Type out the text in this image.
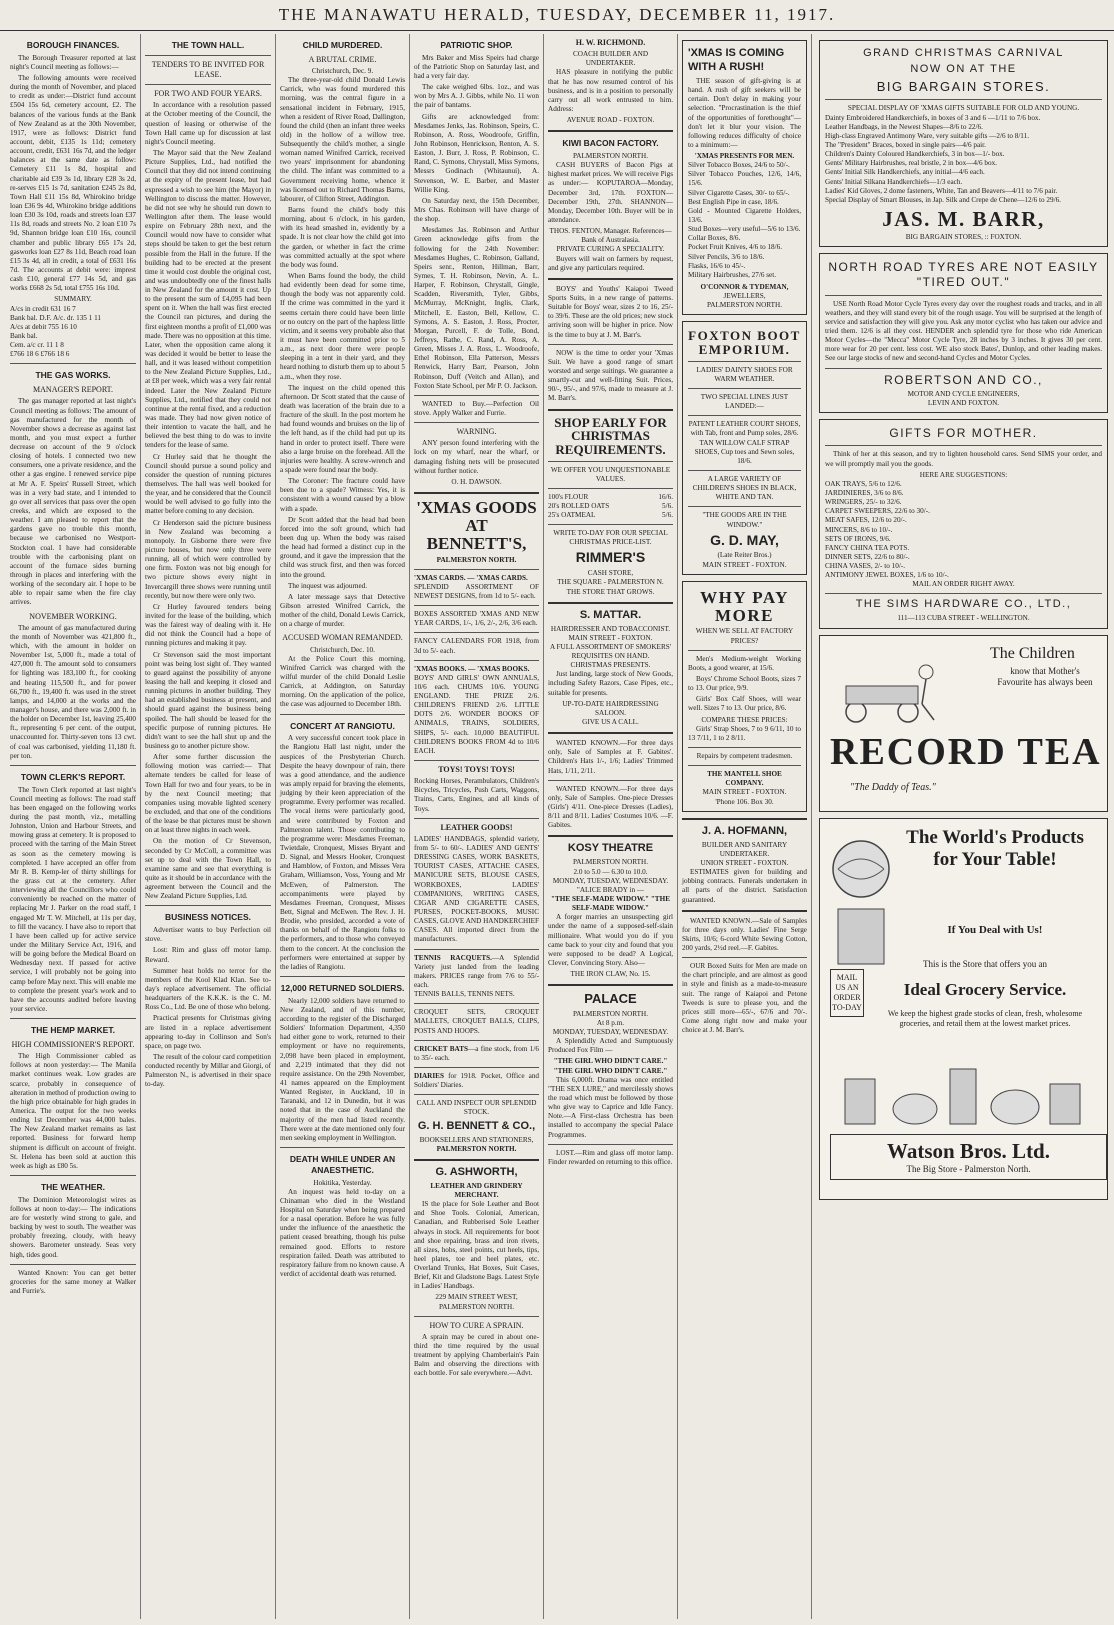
THE MANAWATU HERALD, TUESDAY, DECEMBER 11, 1917.
BOROUGH FINANCES.
The Borough Treasurer reported at last night's Council meeting as follows:—
The following amounts were received during the month of November, and placed to credit as under:—District fund account £504 15s 6d, cemetery account, £2. The balances of the various funds at the Bank of New Zealand as at the 30th November, 1917, were as follows: District fund account, debit, £135 1s 11d; cemetery account, credit, £631 16s 7d, and the ledger balances at the same date as follow: Cemetery £11 1s 8d, hospital and charitable aid £39 3s 1d, library £28 3s 2d, re-serves £15 1s 7d, sanitation £245 2s 8d, Town Hall £11 15s 8d, Whirokino bridge loan £36 9s 4d, Whirokino bridge additions loan £30 3s 10d, roads and streets loan £37 11s 8d, roads and streets No. 2 loan £10 7s 9d, Shannon bridge loan £10 16s, council chamber and public library £65 17s 2d, gasworks loan £27 8s 11d, Beach road loan £15 3s 4d, all in credit, a total of £631 16s 7d. The accounts at debit were: imprest cash £10, general £77 14s 5d, and gas works £668 2s 5d, total £755 16s 10d.
SUMMARY.
A/cs in credit 631 16 7
Bank bal. D.F. A/c. dr. 135 1 11
A/cs at debit 755 16 10
Bank bal.
Cem. a/c cr. 11 1 8
£766 18 6 £766 18 6
THE GAS WORKS.
MANAGER'S REPORT.
The gas manager reported at last night's Council meeting as follows: The amount of gas manufactured for the month of November shows a decrease as against last month, and you must expect a further decrease on account of the 9 o'clock closing of hotels. I connected two new consumers, one a private residence, and the other a gas engine. I renewed service pipe at Mr A. F. Speirs' Russell Street, which was in a very bad state, and I intended to go over all services that pass over the open creeks, and which are exposed to the weather. I am pleased to report that the gardens gave no trouble this month, because we carbonised no Westport-Stockton coal. I have had considerable trouble with the carbonising plant on account of the furnace sides burning through in places and interfering with the working of the secondary air. I hope to be able to repair same when the fire clay arrives.
NOVEMBER WORKING.
The amount of gas manufactured during the month of November was 421,800 ft., which, with the amount in holder on November 1st, 5,000 ft., made a total of 427,000 ft. The amount sold to consumers for lighting was 183,100 ft., for cooking and heating 115,500 ft., and for power 66,700 ft., 19,400 ft. was used in the street lamps, and 14,000 at the works and the manager's house, and there was 2,000 ft. in the holder on December 1st, leaving 25,400 ft., representing 6 per cent. of the output, unaccounted for. Thirty-seven tons 13 cwt. of coal was carbonised, yielding 11,180 ft. per ton.
TOWN CLERK'S REPORT.
The Town Clerk reported at last night's Council meeting as follows: The road staff has been engaged on the following works during the past month, viz., metalling Johnston, Union and Harbour Streets, and mowing grass at cemetery. It is proposed to proceed with the tarring of the Main Street as soon as the cemetery mowing is completed. I have accepted an offer from Mr R. B. Kemp-ler of thirty shillings for the grass cut at the cemetery. After interviewing all the Councillors who could conveniently be reached on the matter of replacing Mr J. Parker on the road staff, I engaged Mr T. W. Mitchell, at 11s per day, to fill the vacancy. I have also to report that I have been called up for active service under the Military Service Act, 1916, and will be going before the Medical Board on Wednesday next. If passed for active service, I will probably not be going into camp before May next. This will enable me to complete the present year's work and to have the accounts audited before leaving your service.
THE HEMP MARKET.
HIGH COMMISSIONER'S REPORT.
The High Commissioner cabled as follows at noon yesterday:— The Manila market continues weak. Low grades are scarce, probably in consequence of alteration in method of production owing to the high price obtainable for high grades in America. The output for the two weeks ending 1st December was 44,000 bales. The New Zealand market remains as last reported. Business for forward hemp shipment is difficult on account of freight. St. Helena has been sold at auction this week as high as £80 5s.
THE WEATHER.
The Dominion Meteorologist wires as follows at noon to-day:— The indications are for westerly wind strong to gale, and backing by west to south. The weather was probably freezing, cloudy, with heavy showers. Barometer unsteady. Seas very high, tides good.
Wanted Known: You can get better groceries for the same money at Walker and Furrie's.
THE TOWN HALL.
TENDERS TO BE INVITED FOR LEASE.
FOR TWO AND FOUR YEARS.
In accordance with a resolution passed at the October meeting of the Council, the question of leasing or otherwise of the Town Hall came up for discussion at last night's Council meeting.
The Mayor said that the New Zealand Picture Supplies, Ltd., had notified the Council that they did not intend continuing at the expiry of the present lease, but had expressed a wish to see him (the Mayor) in Wellington to discuss the matter. However, he did not see why he should run down to Wellington after them. The lease would expire on February 28th next, and the Council would now have to consider what steps should be taken to get the best return possible from the Hall in the future. If the building had to be erected at the present time it would cost double the original cost, and was undoubtedly one of the finest halls in New Zealand for the amount it cost. Up to the present the sum of £4,095 had been spent on it. When the hall was first erected the Council ran pictures, and during the first eighteen months a profit of £1,000 was made. There was no opposition at this time. Later, when the opposition came along it was decided it would be better to lease the hall, and it was leased without competition to the New Zealand Picture Supplies, Ltd., at £8 per week, which was a very fair rental indeed. Later the New Zealand Picture Supplies, Ltd., notified that they could not continue at the rental fixed, and a reduction was made. They had now given notice of their intention to vacate the hall, and he believed the best thing to do was to invite tenders for the lease of same.
Cr Hurley said that he thought the Council should pursue a sound policy and consider the question of running pictures themselves. The hall was well booked for the year, and he considered that the Council would be well advised to go fully into the matter before coming to any decision.
Cr Henderson said the picture business in New Zealand was becoming a monopoly. In Gisborne there were five picture houses, but now only three were running, all of which were controlled by one firm. Foxton was not big enough for two picture shows every night in Invercargill three shows were running until recently, but now there were only two.
Cr Hurley favoured tenders being invited for the lease of the building, which was the fairest way of dealing with it. He did not think the Council had a hope of running pictures and making it pay.
Cr Stevenson said the most important point was being lost sight of. They wanted to guard against the possibility of anyone leasing the hall and keeping it closed and running pictures in another building. They had an established business at present, and should guard against the business being spoiled. The hall should be leased for the specific purpose of running pictures. He didn't want to see the hall shut up and the business go to another picture show.
After some further discussion the following motion was carried:— That alternate tenders be called for lease of Town Hall for two and four years, to be in by the next Council meeting; that companies using movable lighted scenery be excluded, and that one of the conditions of the lease be that pictures must be shown on at least three nights in each week.
On the motion of Cr Stevenson, seconded by Cr McColl, a committee was set up to deal with the Town Hall, to examine same and see that everything is quite as it should be in accordance with the agreement between the Council and the New Zealand Picture Supplies, Ltd.
BUSINESS NOTICES.
Advertiser wants to buy Perfection oil stove.
Lost: Rim and glass off motor lamp. Reward.
Summer heat holds no terror for the members of the Kool Klad Klan. See to-day's replace advertisement. The official headquarters of the K.K.K. is the C. M. Ross Co., Ltd. Be one of those who belong.
Practical presents for Christmas giving are listed in a replace advertisement appearing to-day in Collinson and Son's space, on page two.
The result of the colour card competition conducted recently by Millar and Giorgi, of Palmerston N., is advertised in their space to-day.
CHILD MURDERED.
A BRUTAL CRIME.
Christchurch, Dec. 9.
The three-year-old child Donald Lewis Carrick, who was found murdered this morning, was the central figure in a sensational incident in February, 1915, when a resident of River Road, Dallington, found the child (then an infant three weeks old) in the hollow of a willow tree. Subsequently the child's mother, a single woman named Winifred Carrick, received two years' imprisonment for abandoning the child. The infant was committed to a Government receiving home, whence it was licensed out to Richard Thomas Barns, labourer, of Clifton Street, Addington.
Barns found the child's body this morning, about 6 o'clock, in his garden, with its head smashed in, evidently by a spade. It is not clear how the child got into the garden, or whether in fact the crime was committed actually at the spot where the body was found.
When Barns found the body, the child had evidently been dead for some time, though the body was not apparently cold. If the crime was committed in the yard it seems certain there could have been little or no outcry on the part of the hapless little victim, and it seems very probable also that it must have been committed prior to 5 a.m., as next door there were people sleeping in a tent in their yard, and they heard nothing to disturb them up to about 5 a.m., when they rose.
The inquest on the child opened this afternoon. Dr Scott stated that the cause of death was laceration of the brain due to a fracture of the skull. In the post mortem he had found wounds and bruises on the lip of the left hand, as if the child had put up its hand in order to protect itself. There were also a large bruise on the forehead. All the injuries were healthy. A screw-wrench and a spade were found near the body.
The Coroner: The fracture could have been due to a spade? Witness: Yes, it is consistent with a wound caused by a blow with a spade.
Dr Scott added that the head had been forced into the soft ground, which had been dug up. When the body was raised the head had formed a distinct cup in the ground, and it gave the impression that the child was struck first, and then was forced into the ground.
The inquest was adjourned.
A later message says that Detective Gibson arrested Winifred Carrick, the mother of the child, Donald Lewis Carrick, on a charge of murder.
ACCUSED WOMAN REMANDED.
Christchurch, Dec. 10.
At the Police Court this morning, Winifred Carrick was charged with the wilful murder of the child Donald Leslie Carrick, at Addington, on Saturday morning. On the application of the police, the case was adjourned to December 18th.
CONCERT AT RANGIOTU.
A very successful concert took place in the Rangiotu Hall last night, under the auspices of the Presbyterian Church. Despite the heavy downpour of rain, there was a good attendance, and the audience was amply repaid for braving the elements, judging by their keen appreciation of the programme. Every performer was recalled. The vocal items were particularly good, and were contributed by Foxton and Palmerston talent. Those contributing to the programme were: Mesdames Freeman, Twietdale, Cronquest, Misses Bryant and D. Signal, and Messrs Hooker, Cronquest and Hamblow, of Foxton, and Misses Vera Graham, Williamson, Voss, Young and Mr McEwen, of Palmerston. The accompaniments were played by Mesdames Freeman, Cronquest, Misses Bett, Signal and McEwen. The Rev. J. H. Brodie, who presided, accorded a vote of thanks on behalf of the Rangiotu folks to the performers, and to those who conveyed them to the concert. At the conclusion the performers were entertained at supper by the ladies of Rangiotu.
12,000 RETURNED SOLDIERS.
Nearly 12,000 soldiers have returned to New Zealand, and of this number, according to the register of the Discharged Soldiers' Information Department, 4,350 had either gone to work, returned to their employment or have no requirements, 2,098 have been placed in employment, and 2,219 intimated that they did not require assistance. On the 29th November, 41 names appeared on the Employment Wanted Register, in Auckland, 10 in Taranaki, and 12 in Dunedin, but it was noted that in the case of Auckland the majority of the men had listed recently. There were at the date mentioned only four men seeking employment in Wellington.
DEATH WHILE UNDER AN ANAESTHETIC.
Hokitika, Yesterday.
An inquest was held to-day on a Chinaman who died in the Westland Hospital on Saturday when being prepared for a nasal operation. Before he was fully under the influence of the anaesthetic the patient ceased breathing, though his pulse remained good. Efforts to restore respiration failed. Death was attributed to respiratory failure from no known cause. A verdict of accidental death was returned.
PATRIOTIC SHOP.
Mrs Baker and Miss Speirs had charge of the Patriotic Shop on Saturday last, and had a very fair day.
The cake weighed 6lbs. 1oz., and was won by Mrs A. J. Gibbs, while No. 11 won the pair of bantams.
Gifts are acknowledged from: Mesdames Jenks, Jas. Robinson, Speirs, C. Robinson, A. Ross, Woodroofe, Griffin, John Robinson, Henrickson, Renton, A. S. Easton, J. Burr, J. Ross, P. Robinson, C. Rand, C. Symons, Chrystall, Miss Symons, Messrs Godinach (Whitaunui), A. Stevenson, W. E. Barber, and Master Willie King.
On Saturday next, the 15th December, Mrs Chas. Robinson will have charge of the shop.
Mesdames Jas. Robinson and Arthur Green acknowledge gifts from the following for the 24th November: Mesdames Hughes, C. Robinson, Galland, Speirs senr., Renton, Hillman, Barr, Symes, T. H. Robinson, Nevin, A. L. Harper, F. Robinson, Chrystall, Gingle, Scadden, Riversmith, Tyler, Gibbs, McMurray, McKnight, Inglis, Clark, Mitchell, E. Easton, Bell, Kellow, C. Symons, A. S. Easton, J. Ross, Procter, Morgan, Purcell, F. de Tolle, Bond, Jeffreys, Rathe, C. Rand, A. Ross, A. Green, Misses J. A. Ross, L. Woodroofe, Ethel Robinson, Ella Patterson, Messrs Renwick, Harry Barr, Pearson, John Robinson, Duff (Veitch and Allan), and Foxton State School, per Mr P. O. Jackson.
WANTED to Buy.—Perfection Oil stove. Apply Walker and Furrie.
WARNING.
ANY person found interfering with the lock on my wharf, near the wharf, or damaging fishing nets will be prosecuted without further notice.
O. H. DAWSON.
'XMAS GOODS AT BENNETT'S,
PALMERSTON NORTH.
'XMAS CARDS. — 'XMAS CARDS.
SPLENDID ASSORTMENT OF NEWEST DESIGNS, from 1d to 5/- each.
BOXES ASSORTED 'XMAS AND NEW YEAR CARDS, 1/-, 1/6, 2/-, 2/6, 3/6 each.
FANCY CALENDARS FOR 1918, from 3d to 5/- each.
'XMAS BOOKS. — 'XMAS BOOKS.
BOYS' AND GIRLS' OWN ANNUALS, 10/6 each. CHUMS 10/6. YOUNG ENGLAND. THE PRIZE 2/6. CHILDREN'S FRIEND 2/6. LITTLE DOTS 2/6. WONDER BOOKS OF ANIMALS, TRAINS, SOLDIERS, SHIPS, 5/- each. 10,000 BEAUTIFUL CHILDREN'S BOOKS FROM 4d to 10/6 EACH.
TOYS! TOYS! TOYS!
Rocking Horses, Perambulators, Children's Bicycles, Tricycles, Push Carts, Waggons, Trains, Carts, Engines, and all kinds of Toys.
LEATHER GOODS!
LADIES' HANDBAGS, splendid variety, from 5/- to 60/-. LADIES' AND GENTS' DRESSING CASES, WORK BASKETS, TOURIST CASES, ATTACHE CASES, MANICURE SETS, BLOUSE CASES, WORKBOXES, LADIES' COMPANIONS, WRITING CASES, CIGAR AND CIGARETTE CASES, PURSES, POCKET-BOOKS, MUSIC CASES, GLOVE AND HANDKERCHIEF CASES. All imported direct from the manufacturers.
TENNIS RACQUETS.—A Splendid Variety just landed from the leading makers. PRICES range from 7/6 to 55/- each.
TENNIS BALLS, TENNIS NETS.
CROQUET SETS, CROQUET MALLETS, CROQUET BALLS, CLIPS, POSTS AND HOOPS.
CRICKET BATS—a fine stock, from 1/6 to 35/- each.
DIARIES for 1918. Pocket, Office and Soldiers' Diaries.
CALL AND INSPECT OUR SPLENDID STOCK.
G. H. BENNETT & CO.,
BOOKSELLERS AND STATIONERS,
PALMERSTON NORTH.
G. ASHWORTH,
LEATHER AND GRINDERY MERCHANT.
IS the place for Sole Leather and Boot and Shoe Tools. Colonial, American, Canadian, and Rubberised Sole Leather always in stock. All requirements for boot and shoe repairing, brass and iron rivets, all sizes, hobs, steel points, cut heels, tips, heel plates, toe and heel plates, etc. Overland Trunks, Hat Boxes, Suit Cases, Brief, Kit and Gladstone Bags. Latest Style in Ladies' Handbags.
229 MAIN STREET WEST, PALMERSTON NORTH.
HOW TO CURE A SPRAIN.
A sprain may be cured in about one-third the time required by the usual treatment by applying Chamberlain's Pain Balm and observing the directions with each bottle. For sale everywhere.—Advt.
H. W. RICHMOND.
COACH BUILDER AND UNDERTAKER.
HAS pleasure in notifying the public that he has now resumed control of his business, and is in a position to personally carry out all work entrusted to him. Address:
AVENUE ROAD - FOXTON.
KIWI BACON FACTORY.
PALMERSTON NORTH.
CASH BUYERS of Bacon Pigs at highest market prices. We will receive Pigs as under:— KOPUTAROA—Monday, December 3rd, 17th. FOXTON—December 19th, 27th. SHANNON—Monday, December 10th. Buyer will be in attendance.
THOS. FENTON, Manager. References—Bank of Australasia.
PRIVATE CURING A SPECIALITY.
Buyers will wait on farmers by request, and give any particulars required.
BOYS' and Youths' Kaiapoi Tweed Sports Suits, in a new range of patterns. Suitable for Boys' wear, sizes 2 to 16, 25/- to 39/6. These are the old prices; new stock arriving soon will be higher in price. Now is the time to buy at J. M. Barr's.
NOW is the time to order your 'Xmas Suit. We have a good range of smart worsted and serge suitings. We guarantee a smartly-cut and well-fitting Suit. Prices, 90/-, 95/-, and 97/6, made to measure at J. M. Barr's.
SHOP EARLY FOR CHRISTMAS REQUIREMENTS.
WE OFFER YOU UNQUESTIONABLE VALUES.
100's FLOUR	16/6.
20's ROLLED OATS	5/6.
25's OATMEAL	5/6.
WRITE TO-DAY FOR OUR SPECIAL CHRISTMAS PRICE-LIST.
RIMMER'S
CASH STORE,
THE SQUARE - PALMERSTON N.
THE STORE THAT GROWS.
S. MATTAR.
HAIRDRESSER AND TOBACCONIST.
MAIN STREET - FOXTON.
A FULL ASSORTMENT OF SMOKERS' REQUISITES ON HAND.
CHRISTMAS PRESENTS.
Just landing, large stock of New Goods, including Safety Razors, Case Pipes, etc., suitable for presents.
UP-TO-DATE HAIRDRESSING SALOON.
GIVE US A CALL.
WANTED KNOWN.—For three days only, Sale of Samples at F. Gabites'. Children's Hats 1/-, 1/6; Ladies' Trimmed Hats, 1/11, 2/11.
WANTED KNOWN.—For three days only, Sale of Samples. One-piece Dresses (Girls') 4/11. One-piece Dresses (Ladies), 8/11 and 8/11. Ladies' Costumes 10/6. —F. Gabites.
KOSY THEATRE
PALMERSTON NORTH.
2.0 to 5.0 — 6.30 to 10.0.
MONDAY, TUESDAY, WEDNESDAY.
"ALICE BRADY in —
"THE SELF-MADE WIDOW." "THE SELF-MADE WIDOW."
A forger marries an unsuspecting girl under the name of a supposed-self-slain millionaire. What would you do if you came back to your city and found that you were supposed to be dead? A Logical, Clever, Convincing Story. Also—
THE IRON CLAW, No. 15.
PALACE
PALMERSTON NORTH.
At 8 p.m.
MONDAY, TUESDAY, WEDNESDAY.
A Splendidly Acted and Sumptuously Produced Fox Film —
"THE GIRL WHO DIDN'T CARE." "THE GIRL WHO DIDN'T CARE."
This 6,000ft. Drama was once entitled "THE SEX LURE," and mercilessly shows the road which must be followed by those who give way to Caprice and Idle Fancy. Note.—A First-class Orchestra has been installed to accompany the special Palace Programmes.
LOST.—Rim and glass off motor lamp. Finder rewarded on returning to this office.
'XMAS IS COMING WITH A RUSH!
THE season of gift-giving is at hand. A rush of gift seekers will be certain. Don't delay in making your selection. "Procrastination is the thief of the opportunities of forethought"—don't let it blur your vision. The following reduces difficulty of choice to a minimum:—
'XMAS PRESENTS FOR MEN.
Silver Tobacco Boxes, 24/6 to 50/-.
Silver Tobacco Pouches, 12/6, 14/6, 15/6.
Silver Cigarette Cases, 30/- to 65/-.
Best English Pipe in case, 18/6.
Gold - Mounted Cigarette Holders, 13/6.
Stud Boxes—very useful—5/6 to 13/6.
Collar Boxes, 8/6.
Pocket Fruit Knives, 4/6 to 18/6.
Silver Pencils, 3/6 to 18/6.
Flasks, 16/6 to 45/-.
Military Hairbrushes, 27/6 set.
O'CONNOR & TYDEMAN,
JEWELLERS,
PALMERSTON NORTH.
FOXTON BOOT EMPORIUM.
LADIES' DAINTY SHOES FOR WARM WEATHER.
TWO SPECIAL LINES JUST LANDED:—
PATENT LEATHER COURT SHOES, with Tab, front and Pump soles, 28/6.
TAN WILLOW CALF STRAP SHOES, Cup toes and Sewn soles, 18/6.
A LARGE VARIETY OF CHILDREN'S SHOES IN BLACK, WHITE AND TAN.
"THE GOODS ARE IN THE WINDOW."
G. D. MAY,
(Late Reiter Bros.)
MAIN STREET - FOXTON.
WHY PAY MORE
WHEN WE SELL AT FACTORY PRICES?
Men's Medium-weight Working Boots, a good wearer, at 15/6.
Boys' Chrome School Boots, sizes 7 to 13. Our price, 9/9.
Girls' Box Calf Shoes, will wear well. Sizes 7 to 13. Our price, 8/6.
COMPARE THESE PRICES:
Girls' Strap Shoes, 7 to 9 6/11, 10 to 13 7/11, 1 to 2 8/11.
Repairs by competent tradesmen.
THE MANTELL SHOE COMPANY.
MAIN STREET - FOXTON.
'Phone 106. Box 30.
J. A. HOFMANN,
BUILDER AND SANITARY UNDERTAKER.
UNION STREET - FOXTON.
ESTIMATES given for building and jobbing contracts. Funerals undertaken in all parts of the district. Satisfaction guaranteed.
WANTED KNOWN.—Sale of Samples for three days only. Ladies' Fine Serge Skirts, 10/6; 6-cord White Sewing Cotton, 200 yards, 2½d reel.—F. Gabites.
OUR Boxed Suits for Men are made on the chart principle, and are almost as good in style and finish as a made-to-measure suit. The range of Kaiapoi and Petone Tweeds is sure to please you, and the prices still more—65/-, 67/6 and 70/-. Come along right now and make your choice at J. M. Barr's.
GRAND CHRISTMAS CARNIVAL
NOW ON AT THE
BIG BARGAIN STORES.
SPECIAL DISPLAY OF 'XMAS GIFTS SUITABLE FOR OLD AND YOUNG.
Dainty Embroidered Handkerchiefs, in boxes of 3 and 6 —1/11 to 7/6 box.
Leather Handbags, in the Newest Shapes—8/6 to 22/6.
High-class Engraved Antimony Ware, very suitable gifts —2/6 to 8/11.
The "President" Braces, boxed in single pairs—4/6 pair.
Children's Dainty Coloured Handkerchiefs, 3 in box—1/- box.
Gents' Military Hairbrushes, real bristle, 2 in box—4/6 box.
Gents' Initial Silk Handkerchiefs, any initial—4/6 each.
Gents' Initial Silkana Handkerchiefs—1/3 each.
Ladies' Kid Gloves, 2 dome fasteners, White, Tan and Beavers—4/11 to 7/6 pair.
Special Display of Smart Blouses, in Jap. Silk and Crepe de Chene—12/6 to 29/6.
JAS. M. BARR,
BIG BARGAIN STORES, :: FOXTON.
NORTH ROAD TYRES ARE NOT EASILY "TIRED OUT."
USE North Road Motor Cycle Tyres every day over the roughest roads and tracks, and in all weathers, and they will stand every bit of the rough usage. You will be surprised at the length of service and satisfaction they will give you. Ask any motor cyclist who has taken our advice and tried them. 12/6 is all they cost. HENDER anch splendid tyre for those who ride American Motor Cycles—the "Mecca" Motor Cycle Tyre, 28 inches by 3 inches. It gives 30 per cent. more wear for 20 per cent. less cost. WE also stock Bates', Dunlop, and other leading makes. See our large stocks of new and second-hand Cycles and Motor Cycles.
ROBERTSON AND CO.,
MOTOR AND CYCLE ENGINEERS,
LEVIN AND FOXTON.
GIFTS FOR MOTHER.
Think of her at this season, and try to lighten household cares. Send SIMS your order, and we will promptly mail you the goods.
HERE ARE SUGGESTIONS:
OAK TRAYS, 5/6 to 12/6.
JARDINIERES, 3/6 to 8/6.
WRINGERS, 25/- to 32/6.
CARPET SWEEPERS, 22/6 to 30/-.
MEAT SAFES, 12/6 to 20/-.
MINCERS, 8/6 to 10/-.
SETS OF IRONS, 9/6.
FANCY CHINA TEA POTS.
DINNER SETS, 22/6 to 80/-.
CHINA VASES, 2/- to 10/-.
ANTIMONY JEWEL BOXES, 1/6 to 10/-.
MAIL AN ORDER RIGHT AWAY.
THE SIMS HARDWARE CO., LTD.,
111—113 CUBA STREET - WELLINGTON.
The Children
know that Mother's Favourite has always been
RECORD TEA
"The Daddy of Teas."
The World's Products for Your Table!
If You Deal with Us!
MAIL US AN ORDER TO-DAY
This is the Store that offers you an
Ideal Grocery Service.
We keep the highest grade stocks of clean, fresh, wholesome groceries, and retail them at the lowest market prices.
Watson Bros. Ltd.
The Big Store - Palmerston North.
